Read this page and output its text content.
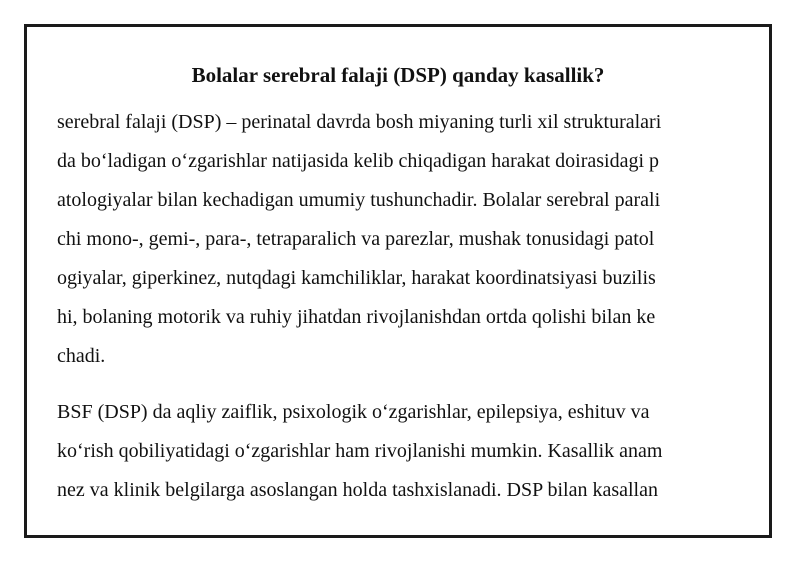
Bolalar serebral falaji (DSP) qanday kasallik?
serebral falaji (DSP) – perinatal davrda bosh miyaning turli xil strukturalari
da bo‘ladigan o‘zgarishlar natijasida kelib chiqadigan harakat doirasidagi p
atologiyalar bilan kechadigan umumiy tushunchadir. Bolalar serebral parali
chi mono-, gemi-, para-, tetraparalich va parezlar, mushak tonusidagi patol
ogiyalar, giperkinez, nutqdagi kamchiliklar, harakat koordinatsiyasi buzilis
hi, bolaning motorik va ruhiy jihatdan rivojlanishdan ortda qolishi bilan ke
chadi.
BSF (DSP) da aqliy zaiflik, psixologik o‘zgarishlar, epilepsiya, eshituv va
ko‘rish qobiliyatidagi o‘zgarishlar ham rivojlanishi mumkin. Kasallik anam
nez va klinik belgilarga asoslangan holda tashxislanadi. DSP bilan kasallan
